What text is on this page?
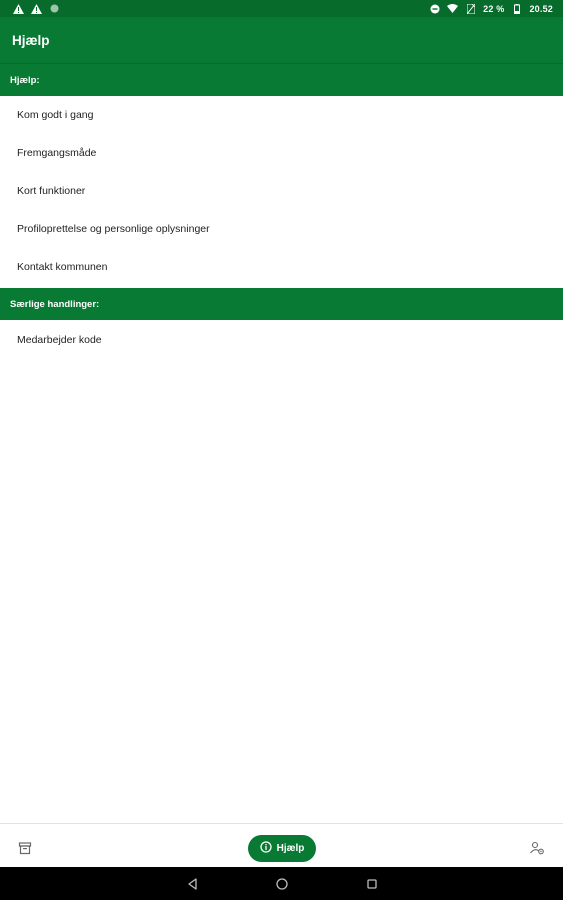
22 %	20.52
Hjælp
Hjælp:
Kom godt i gang
Fremgangsmåde
Kort funktioner
Profiloprettelse og personlige oplysninger
Kontakt kommunen
Særlige handlinger:
Medarbejder kode
Hjælp
